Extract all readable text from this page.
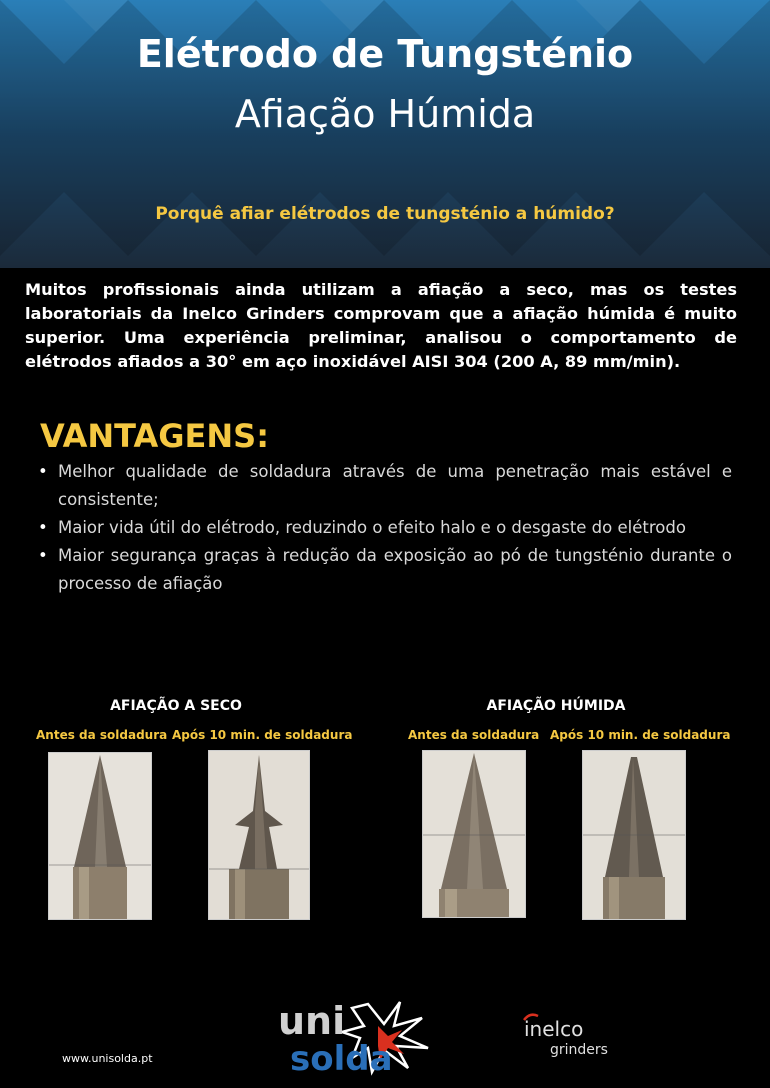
Elétrodo de Tungsténio
Afiação Húmida
Porquê afiar elétrodos de tungsténio a húmido?
Muitos profissionais ainda utilizam a afiação a seco, mas os testes laboratoriais da Inelco Grinders comprovam que a afiação húmida é muito superior. Uma experiência preliminar, analisou o comportamento de elétrodos afiados a 30° em aço inoxidável AISI 304 (200 A, 89 mm/min).
VANTAGENS:
• Melhor qualidade de soldadura através de uma penetração mais estável e consistente;
• Maior vida útil do elétrodo, reduzindo o efeito halo e o desgaste do elétrodo
• Maior segurança graças à redução da exposição ao pó de tungsténio durante o processo de afiação
AFIAÇÃO A SECO
Antes da soldadura Após 10 min. de soldadura
AFIAÇÃO HÚMIDA
Antes da soldadura Após 10 min. de soldadura
www.unisolda.pt
uni
solda
inelco
grinders
